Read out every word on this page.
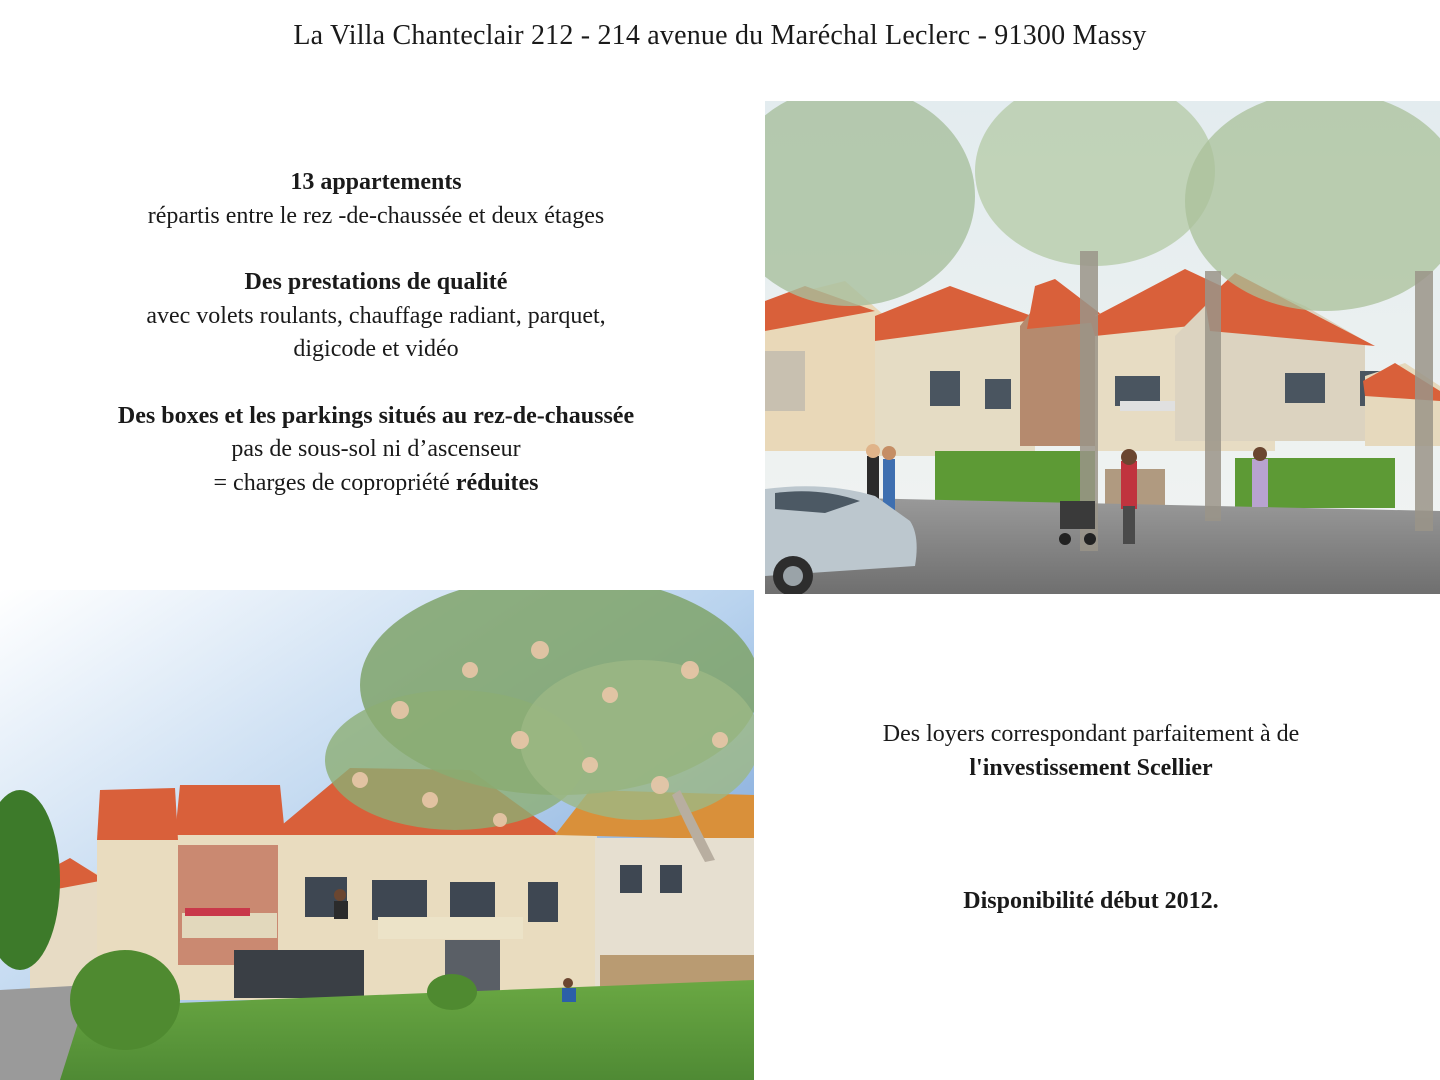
La Villa Chanteclair 212 - 214 avenue du Maréchal Leclerc - 91300 Massy
13 appartements
répartis entre le rez -de-chaussée et deux étages
Des prestations de qualité
avec volets roulants, chauffage radiant, parquet,
digicode et vidéo
Des boxes et les parkings situés au rez-de-chaussée
pas de sous-sol ni d’ascenseur
= charges de copropriété réduites
Des loyers correspondant parfaitement à de
l'investissement Scellier
Disponibilité début 2012.
